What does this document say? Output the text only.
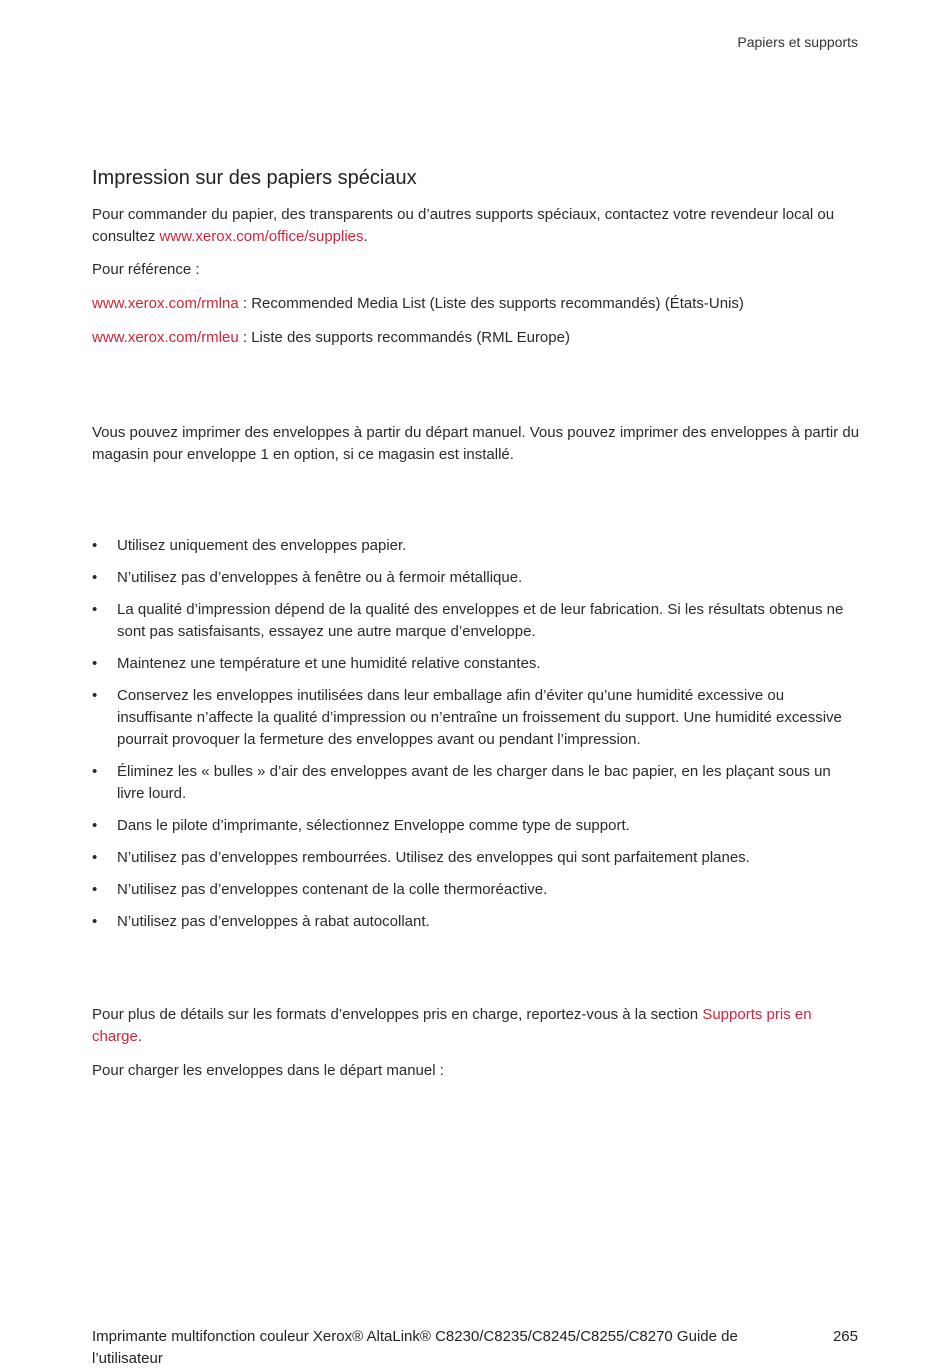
Papiers et supports
Impression sur des papiers spéciaux

Pour commander du papier, des transparents ou d’autres supports spéciaux, contactez votre revendeur local ou consultez www.xerox.com/office/supplies.

Pour référence :

www.xerox.com/rmlna : Recommended Media List (Liste des supports recommandés) (États-Unis)

www.xerox.com/rmleu : Liste des supports recommandés (RML Europe)

Vous pouvez imprimer des enveloppes à partir du départ manuel. Vous pouvez imprimer des enveloppes à partir du magasin pour enveloppe 1 en option, si ce magasin est installé.

•	Utilisez uniquement des enveloppes papier.
•	N’utilisez pas d’enveloppes à fenêtre ou à fermoir métallique.
•	La qualité d’impression dépend de la qualité des enveloppes et de leur fabrication. Si les résultats obtenus ne sont pas satisfaisants, essayez une autre marque d’enveloppe.
•	Maintenez une température et une humidité relative constantes.
•	Conservez les enveloppes inutilisées dans leur emballage afin d’éviter qu’une humidité excessive ou insuffisante n’affecte la qualité d’impression ou n’entraîne un froissement du support. Une humidité excessive pourrait provoquer la fermeture des enveloppes avant ou pendant l’impression.
•	Éliminez les « bulles » d’air des enveloppes avant de les charger dans le bac papier, en les plaçant sous un livre lourd.
•	Dans le pilote d’imprimante, sélectionnez Enveloppe comme type de support.
•	N’utilisez pas d’enveloppes rembourrées. Utilisez des enveloppes qui sont parfaitement planes.
•	N’utilisez pas d’enveloppes contenant de la colle thermoréactive.
•	N’utilisez pas d’enveloppes à rabat autocollant.

Pour plus de détails sur les formats d’enveloppes pris en charge, reportez-vous à la section Supports pris en charge.

Pour charger les enveloppes dans le départ manuel :

Imprimante multifonction couleur Xerox® AltaLink® C8230/C8235/C8245/C8255/C8270 Guide de l’utilisateur
265
